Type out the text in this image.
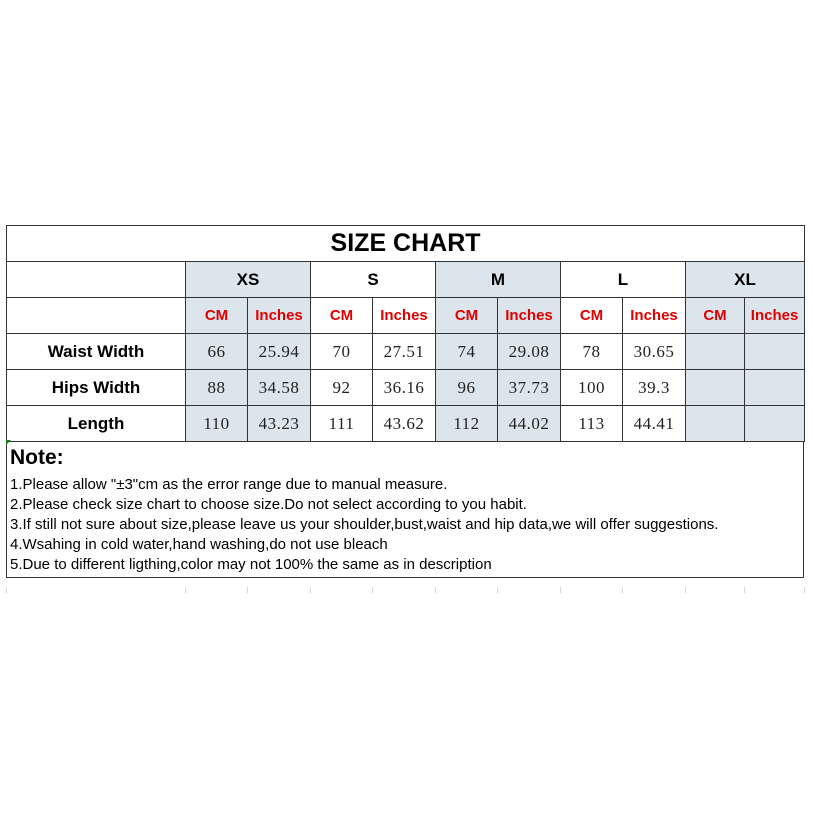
SIZE CHART										
	XS		S		M		L		XL	
	CM	Inches	CM	Inches	CM	Inches	CM	Inches	CM	Inches
Waist Width	66	25.94	70	27.51	74	29.08	78	30.65		
Hips Width	88	34.58	92	36.16	96	37.73	100	39.3		
Length	110	43.23	111	43.62	112	44.02	113	44.41		
Note:
1.Please allow "±3"cm as the error range due to manual measure.
2.Please check size chart to choose size.Do not select according to you habit.
3.If still not sure about size,please leave us your shoulder,bust,waist and hip data,we will offer suggestions.
4.Wsahing in cold water,hand washing,do not use bleach
5.Due to different ligthing,color may not 100% the same as in description
